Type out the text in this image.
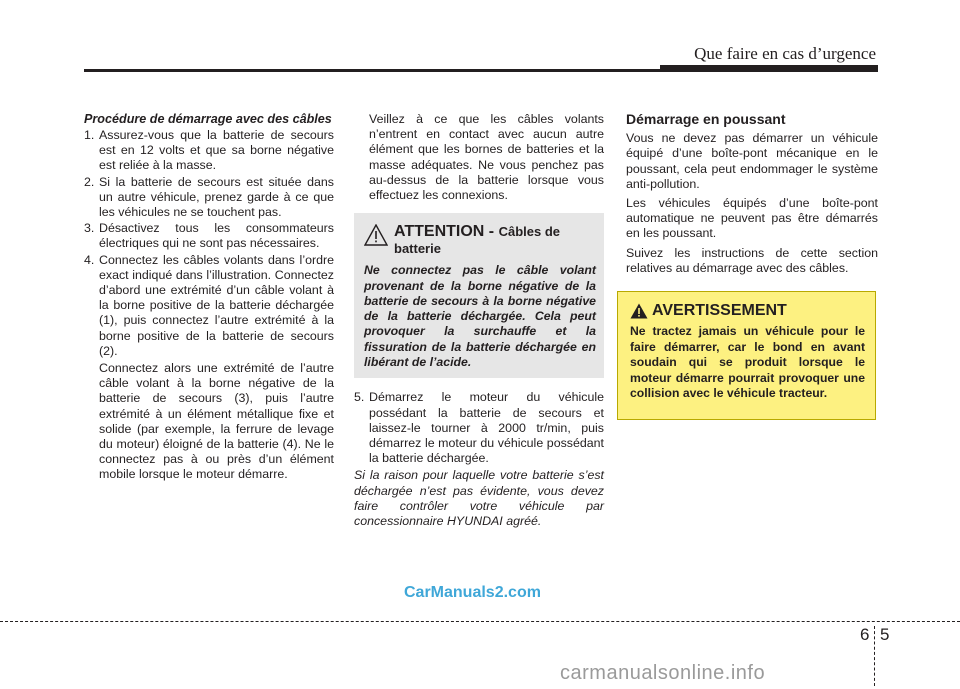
Que faire en cas d’urgence

Procédure de démarrage avec des câbles

1. Assurez-vous que la batterie de secours est en 12 volts et que sa borne négative est reliée à la masse.
2. Si la batterie de secours est située dans un autre véhicule, prenez garde à ce que les véhicules ne se touchent pas.
3. Désactivez tous les consommateurs électriques qui ne sont pas nécessaires.
4. Connectez les câbles volants dans l’ordre exact indiqué dans l’illustration. Connectez d’abord une extrémité d’un câble volant à la borne positive de la batterie déchargée (1), puis connectez l’autre extrémité à la borne positive de la batterie de secours (2).

Connectez alors une extrémité de l’autre câble volant à la borne négative de la batterie de secours (3), puis l’autre extrémité à un élément métallique fixe et solide (par exemple, la ferrure de levage du moteur) éloigné de la batterie (4). Ne le connectez pas à ou près d’un élément mobile lorsque le moteur démarre.

Veillez à ce que les câbles volants n’entrent en contact avec aucun autre élément que les bornes de batteries et la masse adéquates. Ne vous penchez pas au-dessus de la batterie lorsque vous effectuez les connexions.

ATTENTION - Câbles de batterie

Ne connectez pas le câble volant provenant de la borne négative de la batterie de secours à la borne négative de la batterie déchargée. Cela peut provoquer la surchauffe et la fissuration de la batterie déchargée en libérant de l’acide.

5. Démarrez le moteur du véhicule possédant la batterie de secours et laissez-le tourner à 2000 tr/min, puis démarrez le moteur du véhicule possédant la batterie déchargée.

Si la raison pour laquelle votre batterie s’est déchargée n’est pas évidente, vous devez faire contrôler votre véhicule par concessionnaire HYUNDAI agréé.

Démarrage en poussant

Vous ne devez pas démarrer un véhicule équipé d’une boîte-pont mécanique en le poussant, cela peut endommager le système anti-pollution.

Les véhicules équipés d’une boîte-pont automatique ne peuvent pas être démarrés en les poussant.

Suivez les instructions de cette section relatives au démarrage avec des câbles.

AVERTISSEMENT

Ne tractez jamais un véhicule pour le faire démarrer, car le bond en avant soudain qui se produit lorsque le moteur démarre pourrait provoquer une collision avec le véhicule tracteur.

CarManuals2.com
6 5
carmanualsonline.info
